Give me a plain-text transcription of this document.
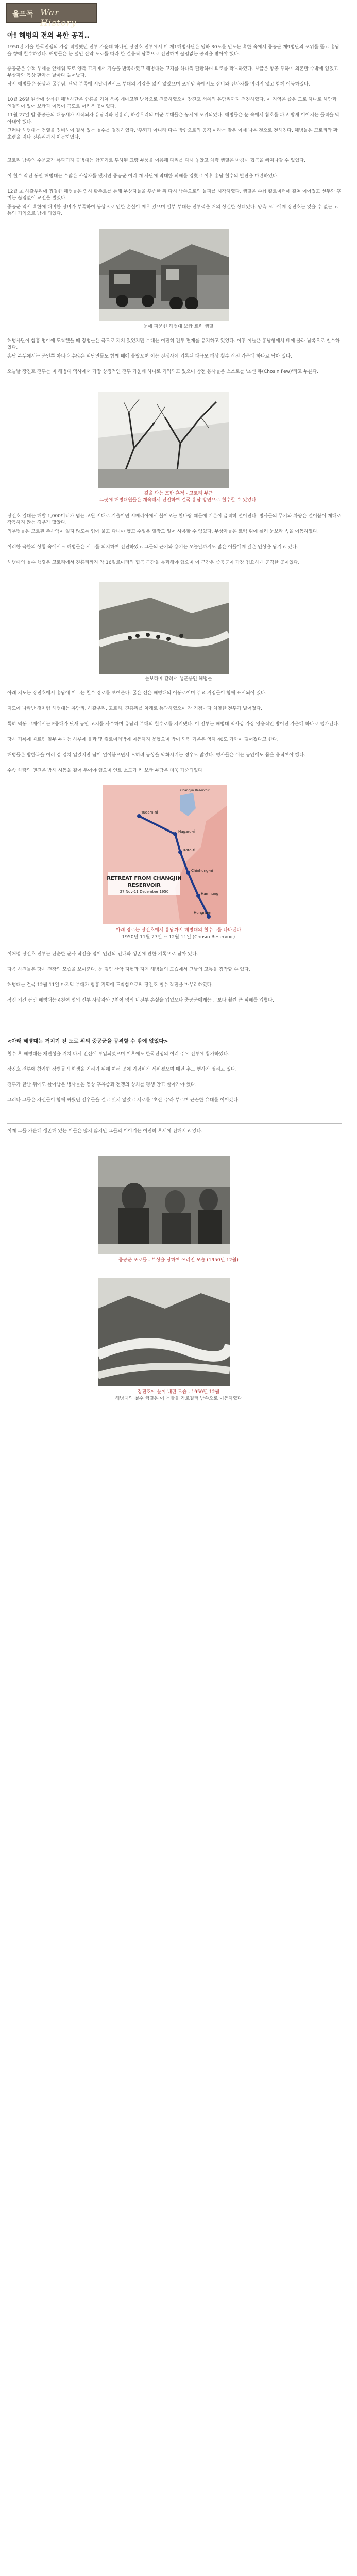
울프독 War History
아! 해병의 전의 육한 공격..

1950년 겨울 한국전쟁의 가장 격렬했던 전투 가운데 하나인 장진호 전투에서 미 제1해병사단은 영하 30도를 밑도는 혹한 속에서 중공군 제9병단의 포위를 뚫고 흥남을 향해 철수하였다. 해병들은 눈 덮인 산악 도로를 따라 한 걸음씩 남쪽으로 전진하며 끊임없는 공격을 받아야 했다.

중공군은 수적 우세를 앞세워 도로 양측 고지에서 기습을 반복하였고 해병대는 고지를 하나씩 탈환하며 퇴로를 확보하였다. 보급은 항공 투하에 의존할 수밖에 없었고 부상자와 동상 환자는 날마다 늘어났다.

당시 해병들은 동상과 굶주림, 탄약 부족에 시달리면서도 부대의 기강을 잃지 않았으며 포위망 속에서도 장비와 전사자를 버리지 않고 함께 이동하였다.

10월 26일 원산에 상륙한 해병사단은 함흥을 거쳐 북쪽 개마고원 방향으로 진출하였으며 장진호 서쪽의 유담리까지 전진하였다. 이 지역은 좁은 도로 하나로 해안과 연결되어 있어 보급과 이동이 극도로 어려운 곳이었다.

11월 27일 밤 중공군의 대공세가 시작되자 유담리와 신흥리, 하갈우리의 미군 부대들은 동시에 포위되었다. 해병들은 눈 속에서 참호를 파고 밤새 이어지는 돌격을 막아내야 했다.

그러나 해병대는 전열을 정비하여 질서 있는 철수를 결정하였다. '후퇴가 아니라 다른 방향으로의 공격'이라는 말은 이때 나온 것으로 전해진다. 해병들은 고토리와 황초령을 지나 진흥리까지 이동하였다.

고토리 남쪽의 수문교가 폭파되자 공병대는 항공기로 투하된 교량 부품을 이용해 다리를 다시 놓았고 차량 행렬은 마침내 협곡을 빠져나갈 수 있었다.

이 철수 작전 동안 해병대는 수많은 사상자를 냈지만 중공군 여러 개 사단에 막대한 피해를 입혔고 이후 흥남 철수의 발판을 마련하였다.

12월 초 하갈우리에 집결한 해병들은 임시 활주로를 통해 부상자들을 후송한 뒤 다시 남쪽으로의 돌파를 시작하였다. 행렬은 수십 킬로미터에 걸쳐 이어졌고 선두와 후미는 끊임없이 교전을 벌였다.

중공군 역시 혹한에 대비한 장비가 부족하여 동상으로 인한 손실이 매우 컸으며 일부 부대는 전투력을 거의 상실한 상태였다. 양측 모두에게 장진호는 잊을 수 없는 고통의 기억으로 남게 되었다.

눈에 파묻힌 해병대 보급 트럭 행렬

해병사단이 함흥 평야에 도착했을 때 장병들은 극도로 지쳐 있었지만 부대는 여전히 전투 편제를 유지하고 있었다. 이후 이들은 흥남항에서 배에 올라 남쪽으로 철수하였다.

흥남 부두에서는 군인뿐 아니라 수많은 피난민들도 함께 배에 올랐으며 이는 전쟁사에 기록된 대규모 해상 철수 작전 가운데 하나로 남아 있다.

오늘날 장진호 전투는 미 해병대 역사에서 가장 상징적인 전투 가운데 하나로 기억되고 있으며 참전 용사들은 스스로를 '초신 퓨(Chosin Few)'라고 부른다.

길을 막는 포탄 흔적 - 고토리 부근
그곳에 해병대원들은 계속해서 전진하여 결국 흥남 방면으로 철수할 수 있었다.

장진호 일대는 해발 1,000미터가 넘는 고원 지대로 겨울이면 시베리아에서 불어오는 찬바람 때문에 기온이 급격히 떨어진다. 병사들의 무기와 차량은 얼어붙어 제대로 작동하지 않는 경우가 많았다.

의무병들은 모르핀 주사액이 얼지 않도록 입에 물고 다녀야 했고 수혈용 혈장도 얼어 사용할 수 없었다. 부상자들은 트럭 위에 실려 눈보라 속을 이동하였다.

이러한 극한의 상황 속에서도 해병들은 서로를 의지하며 전진하였고 그들의 끈기와 용기는 오늘날까지도 많은 이들에게 깊은 인상을 남기고 있다.

해병대의 철수 행렬은 고토리에서 진흥리까지 약 16킬로미터의 협곡 구간을 통과해야 했으며 이 구간은 중공군이 가장 집요하게 공격한 곳이었다.

눈보라에 갇혀서 행군중인 해병들

아래 지도는 장진호에서 흥남에 이르는 철수 경로를 보여준다. 굵은 선은 해병대의 이동로이며 주요 거점들이 함께 표시되어 있다.

지도에 나타난 것처럼 해병대는 유담리, 하갈우리, 고토리, 진흥리를 차례로 통과하였으며 각 거점마다 치열한 전투가 벌어졌다.

특히 덕동 고개에서는 F중대가 닷새 동안 고지를 사수하며 유담리 부대의 철수로를 지켜냈다. 이 전투는 해병대 역사상 가장 영웅적인 방어전 가운데 하나로 평가된다.

당시 기록에 따르면 일부 부대는 하루에 불과 몇 킬로미터밖에 이동하지 못했으며 밤이 되면 기온은 영하 40도 가까이 떨어졌다고 한다.

해병들은 방한복을 여러 겹 겹쳐 입었지만 땀이 얼어붙으면서 오히려 동상을 악화시키는 경우도 많았다. 병사들은 쉬는 동안에도 몸을 움직여야 했다.

수송 차량의 엔진은 밤새 시동을 걸어 두어야 했으며 연료 소모가 커 보급 부담은 더욱 가중되었다.

RETREAT FROM CHANGJIN
RESERVOIR
27 Nov-11 December 1950
Yudam-ni
Hagaru-ri
Koto-ri
Chinhung-ni
Hamhung
Hungnam
Changjin Reservoir
아래 경로는 장진호에서 흥남까지 해병대의 철수로를 나타낸다
1950년 11월 27일 ~ 12월 11일 (Chosin Reservoir)

이처럼 장진호 전투는 단순한 군사 작전을 넘어 인간의 인내와 생존에 관한 기록으로 남아 있다.

다음 사진들은 당시 전장의 모습을 보여준다. 눈 덮인 산악 지형과 지친 해병들의 모습에서 그날의 고통을 짐작할 수 있다.

해병대는 결국 12월 11일 마지막 부대가 함흥 지역에 도착함으로써 장진호 철수 작전을 마무리하였다.

작전 기간 동안 해병대는 4천여 명의 전투 사상자와 7천여 명의 비전투 손실을 입었으나 중공군에게는 그보다 훨씬 큰 피해를 입혔다.

<아래 해병대는 거치기 전 도로 위의 중공군을 공격할 수 밖에 없었다>

철수 후 해병대는 재편성을 거쳐 다시 전선에 투입되었으며 이후에도 한국전쟁의 여러 주요 전투에 참가하였다.

장진호 전투에 참가한 장병들의 희생을 기리기 위해 여러 곳에 기념비가 세워졌으며 매년 추모 행사가 열리고 있다.

전투가 끝난 뒤에도 살아남은 병사들은 동상 후유증과 전쟁의 상처를 평생 안고 살아가야 했다.

그러나 그들은 자신들이 함께 싸웠던 전우들을 결코 잊지 않았고 서로를 '초신 퓨'라 부르며 끈끈한 유대를 이어갔다.

이제 그들 가운데 생존해 있는 이들은 많지 않지만 그들의 이야기는 여전히 후세에 전해지고 있다.

중공군 포로들 - 부상을 당하여 쓰러진 모습 (1950년 12월)
장진호에 눈이 내린 모습 - 1950년 12월
해병대의 철수 행렬은 이 눈밭을 가로질러 남쪽으로 이동하였다
